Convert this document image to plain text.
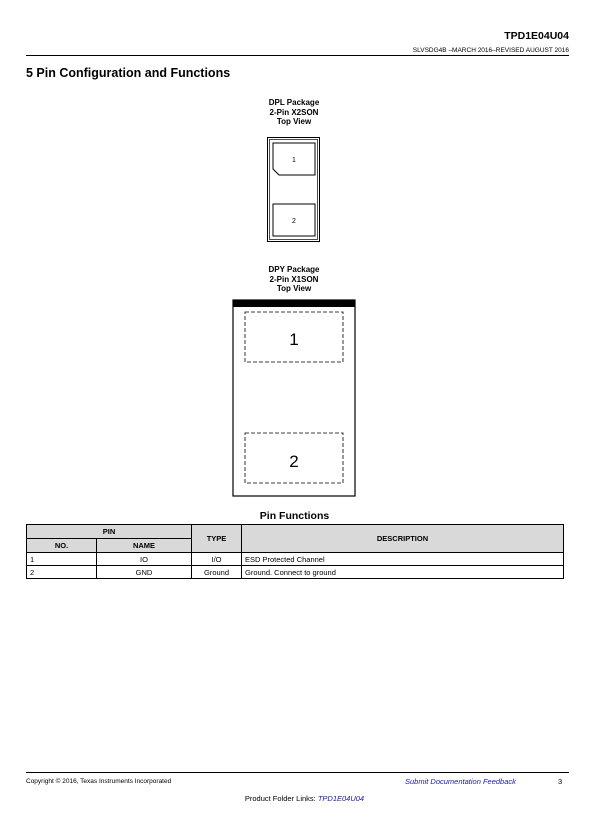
TPD1E04U04
SLVSDG4B –MARCH 2016–REVISED AUGUST 2016
5 Pin Configuration and Functions
DPL Package
2-Pin X2SON
Top View
1
2
DPY Package
2-Pin X1SON
Top View
1
2
Pin Functions
PIN		TYPE	DESCRIPTION
NO.	NAME		
1	IO	I/O	ESD Protected Channel
2	GND	Ground	Ground. Connect to ground
Copyright © 2016, Texas Instruments Incorporated	Submit Documentation Feedback	3
Product Folder Links: TPD1E04U04
